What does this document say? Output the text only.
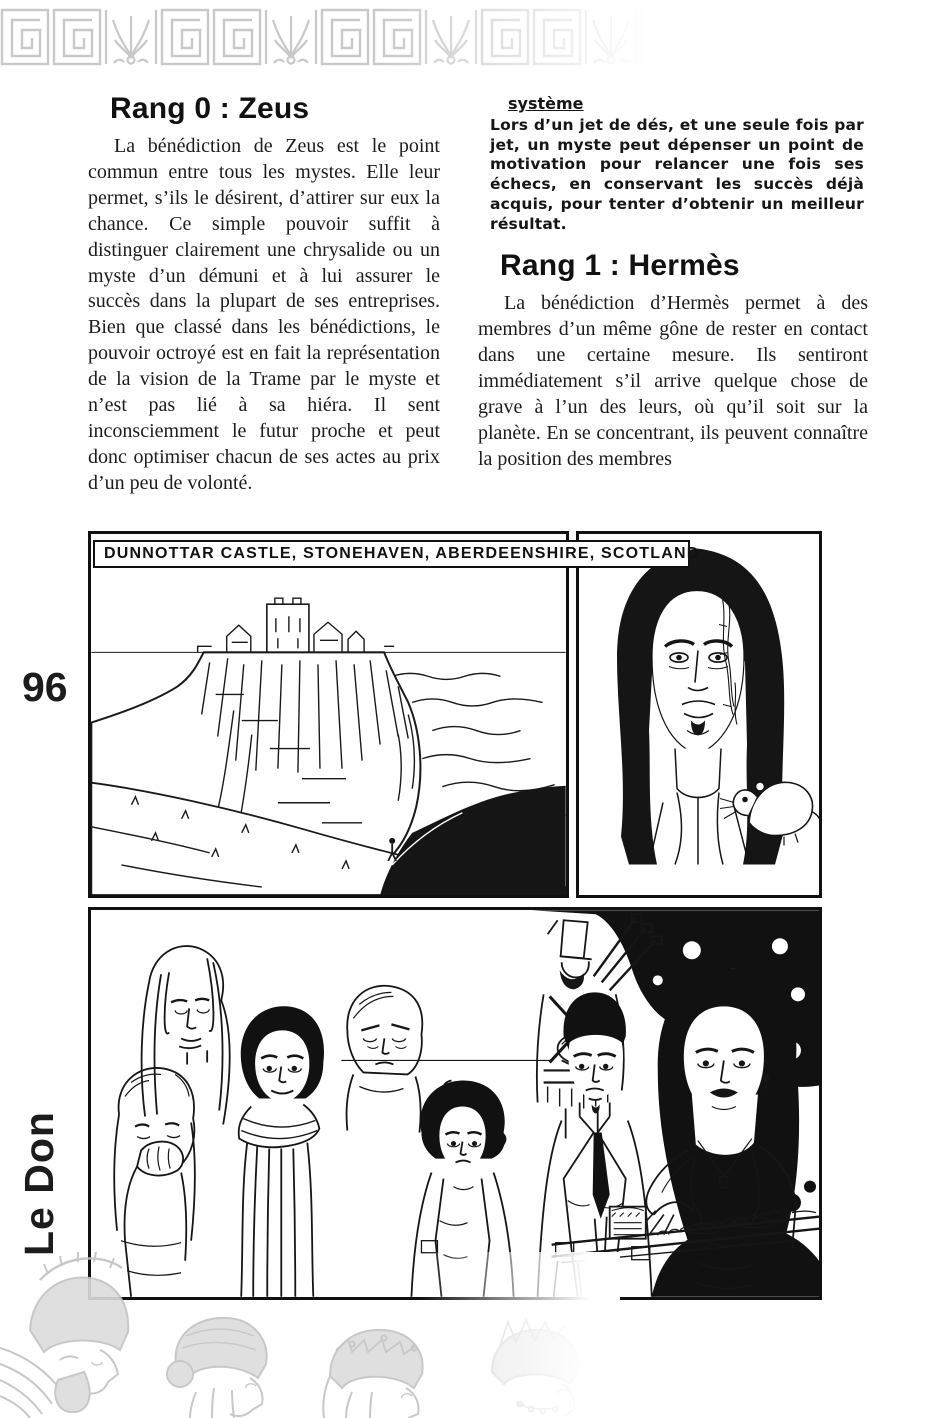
96
Le Don
Rang 0 : Zeus

La bénédiction de Zeus est le point commun entre tous les mystes. Elle leur permet, s’ils le désirent, d’attirer sur eux la chance. Ce simple pouvoir suffit à distinguer clairement une chrysalide ou un myste d’un démuni et à lui assurer le succès dans la plupart de ses entreprises. Bien que classé dans les bénédictions, le pouvoir octroyé est en fait la représentation de la vision de la Trame par le myste et n’est pas lié à sa hiéra. Il sent inconsciemment le futur proche et peut donc optimiser chacun de ses actes au prix d’un peu de volonté.

système
Lors d’un jet de dés, et une seule fois par jet, un myste peut dépenser un point de motivation pour relancer une fois ses échecs, en conservant les succès déjà acquis, pour tenter d’obtenir un meilleur résultat.
Rang 1 : Hermès

La bénédiction d’Hermès permet à des membres d’un même gône de rester en contact dans une certaine mesure. Ils sentiront immédiatement s’il arrive quelque chose de grave à l’un des leurs, où qu’il soit sur la planète. En se concentrant, ils peuvent connaître la position des membres

DUNNOTTAR CASTLE, STONEHAVEN, ABERDEENSHIRE, SCOTLAND
